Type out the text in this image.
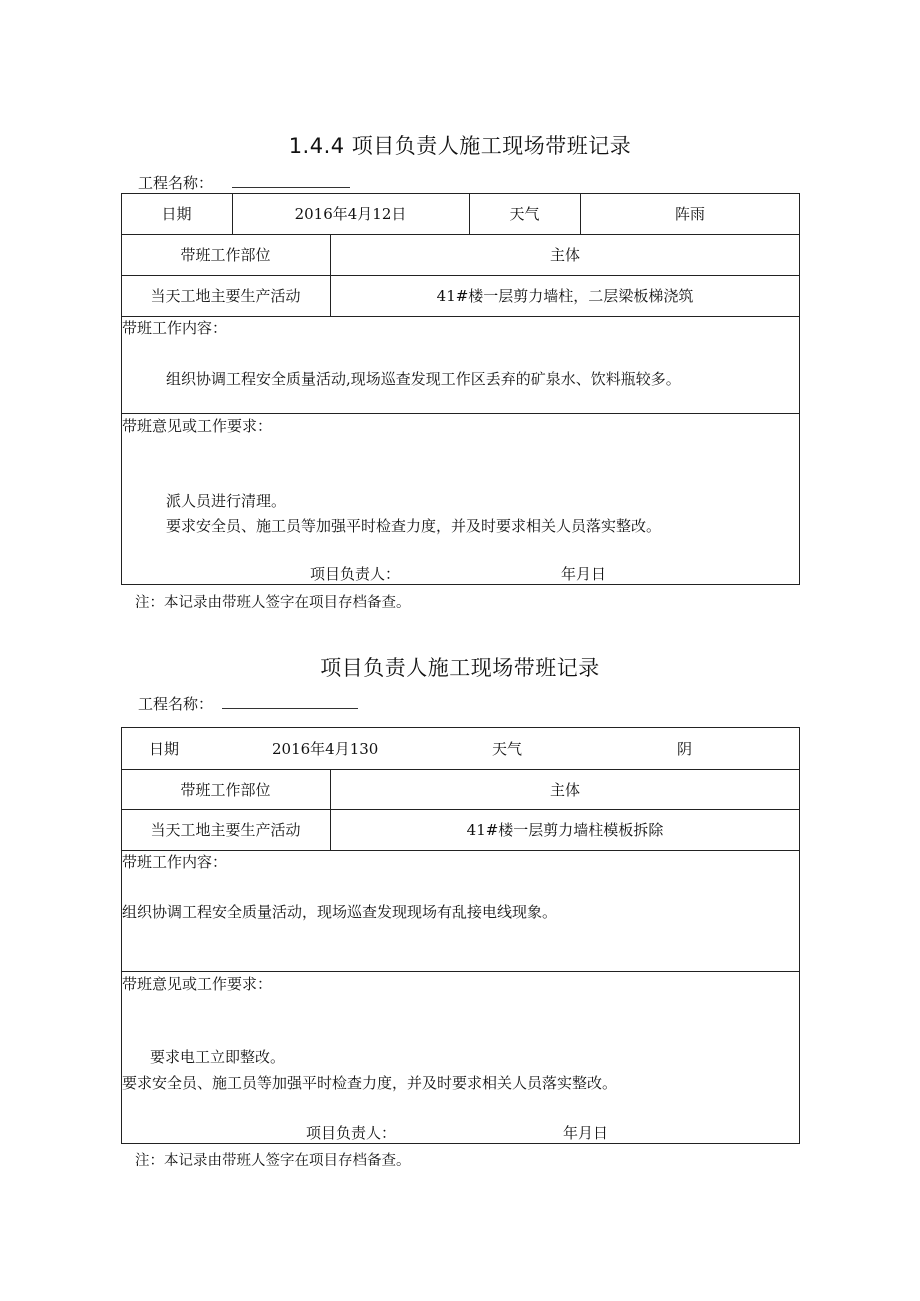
1.4.4 项目负责人施工现场带班记录
工程名称：
日期	2016年4月12日	天气	阵雨
带班工作部位	主体
当天工地主要生产活动	41#楼一层剪力墙柱，二层梁板梯浇筑
带班工作内容：
组织协调工程安全质量活动,现场巡查发现工作区丢弃的矿泉水、饮料瓶较多。
带班意见或工作要求：
派人员进行清理。
要求安全员、施工员等加强平时检查力度，并及时要求相关人员落实整改。
项目负责人：	年月日
注：本记录由带班人签字在项目存档备查。
项目负责人施工现场带班记录
工程名称：
日期	2016年4月130	天气	阴
带班工作部位	主体
当天工地主要生产活动	41#楼一层剪力墙柱模板拆除
带班工作内容：
组织协调工程安全质量活动，现场巡查发现现场有乱接电线现象。
带班意见或工作要求：
要求电工立即整改。
要求安全员、施工员等加强平时检查力度，并及时要求相关人员落实整改。
项目负责人：	年月日
注：本记录由带班人签字在项目存档备查。
